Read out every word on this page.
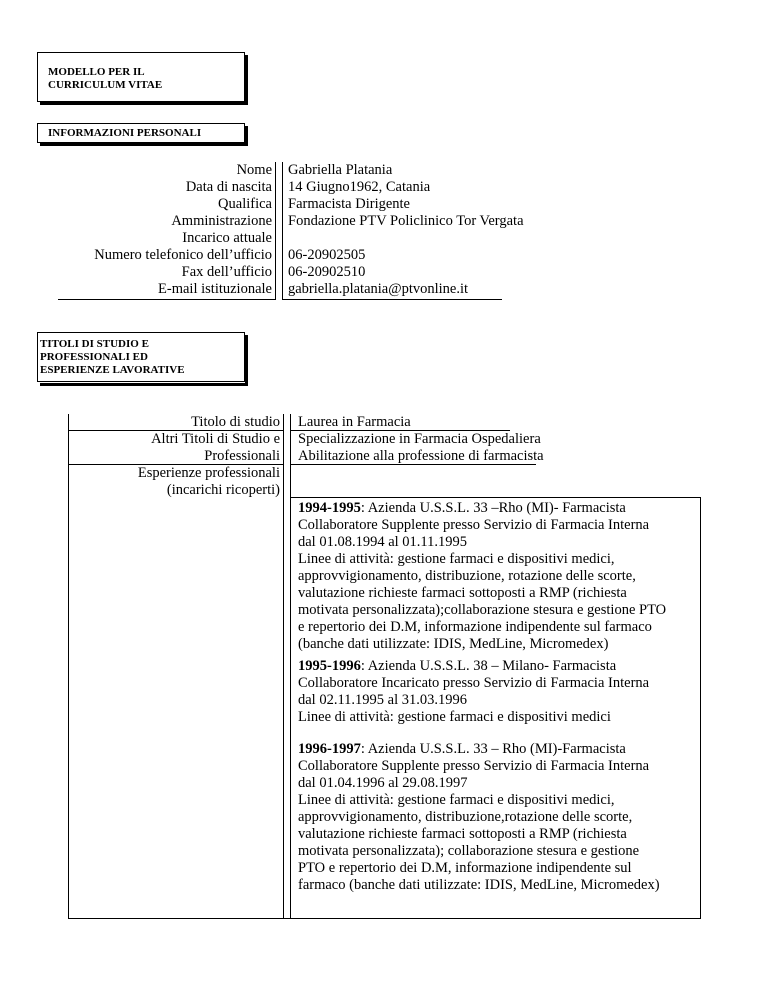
MODELLO PER IL
CURRICULUM VITAE
INFORMAZIONI PERSONALI
Nome Gabriella Platania
Data di nascita 14 Giugno1962, Catania
Qualifica Farmacista Dirigente
Amministrazione Fondazione PTV Policlinico Tor Vergata
Incarico attuale
Numero telefonico dell’ufficio 06-20902505
Fax dell’ufficio 06-20902510
E-mail istituzionale gabriella.platania@ptvonline.it
TITOLI DI STUDIO E
PROFESSIONALI ED
ESPERIENZE LAVORATIVE
Titolo di studio
Altri Titoli di Studio e
Professionali
Esperienze professionali
(incarichi ricoperti)
Laurea in Farmacia
Specializzazione in Farmacia Ospedaliera
Abilitazione alla professione di farmacista
1994-1995: Azienda U.S.S.L. 33 –Rho (MI)- Farmacista
Collaboratore Supplente presso Servizio di Farmacia Interna
dal 01.08.1994 al 01.11.1995
Linee di attività: gestione farmaci e dispositivi medici,
approvvigionamento, distribuzione, rotazione delle scorte,
valutazione richieste farmaci sottoposti a RMP (richiesta
motivata personalizzata);collaborazione stesura e gestione PTO
e repertorio dei D.M, informazione indipendente sul farmaco
(banche dati utilizzate: IDIS, MedLine, Micromedex)
1995-1996: Azienda U.S.S.L. 38 – Milano- Farmacista
Collaboratore Incaricato presso Servizio di Farmacia Interna
dal 02.11.1995 al 31.03.1996
Linee di attività: gestione farmaci e dispositivi medici
1996-1997: Azienda U.S.S.L. 33 – Rho (MI)-Farmacista
Collaboratore Supplente presso Servizio di Farmacia Interna
dal 01.04.1996 al 29.08.1997
Linee di attività: gestione farmaci e dispositivi medici,
approvvigionamento, distribuzione,rotazione delle scorte,
valutazione richieste farmaci sottoposti a RMP (richiesta
motivata personalizzata); collaborazione stesura e gestione
PTO e repertorio dei D.M, informazione indipendente sul
farmaco (banche dati utilizzate: IDIS, MedLine, Micromedex)
